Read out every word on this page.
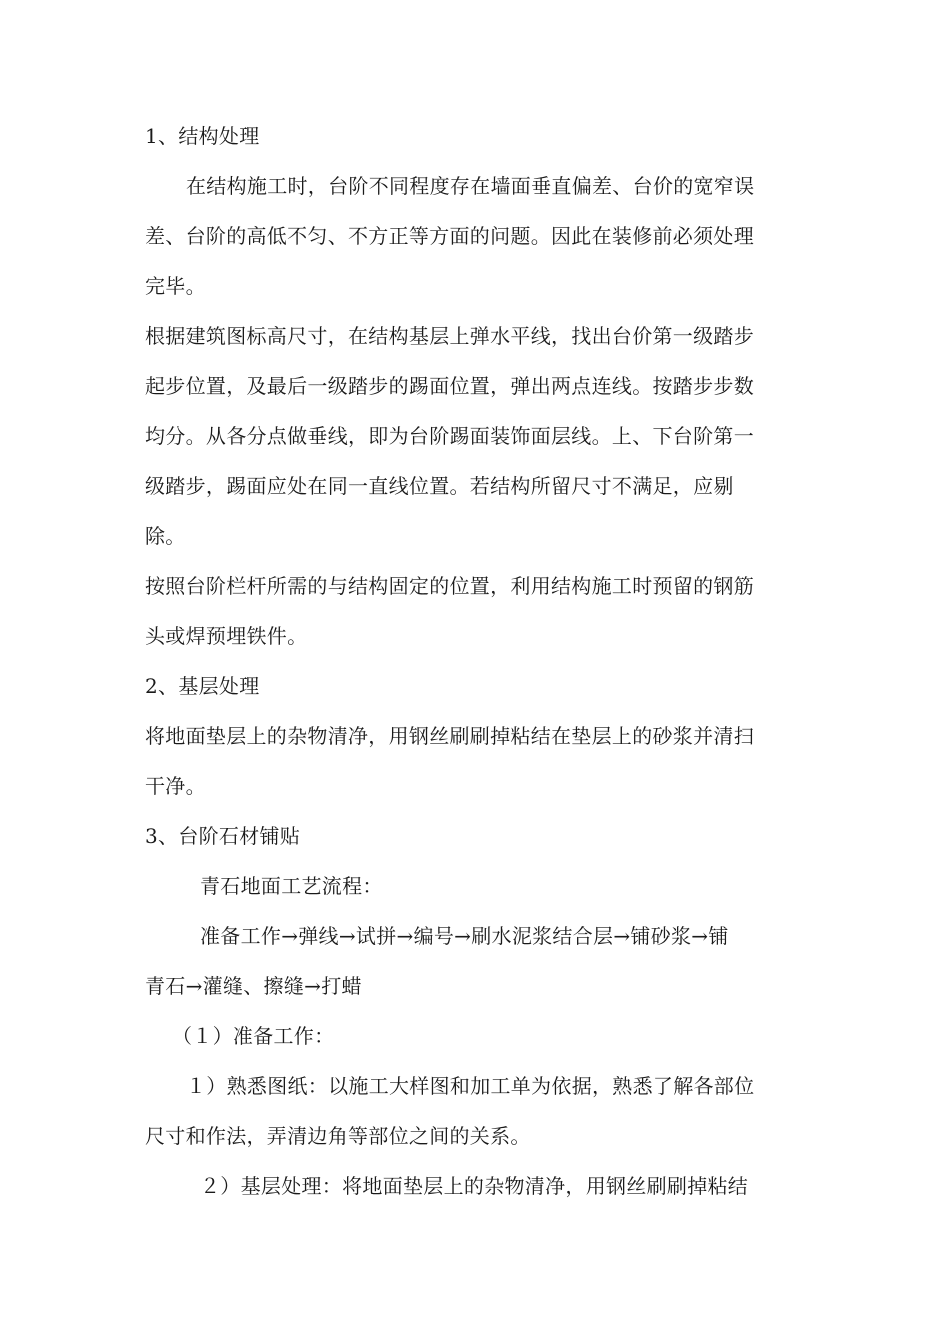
1、结构处理
在结构施工时，台阶不同程度存在墙面垂直偏差、台价的宽窄误
差、台阶的高低不匀、不方正等方面的问题。因此在装修前必须处理
完毕。
根据建筑图标高尺寸，在结构基层上弹水平线，找出台价第一级踏步
起步位置，及最后一级踏步的踢面位置，弹出两点连线。按踏步步数
均分。从各分点做垂线，即为台阶踢面装饰面层线。上、下台阶第一
级踏步，踢面应处在同一直线位置。若结构所留尺寸不满足，应剔
除。
按照台阶栏杆所需的与结构固定的位置，利用结构施工时预留的钢筋
头或焊预埋铁件。
2、基层处理
将地面垫层上的杂物清净，用钢丝刷刷掉粘结在垫层上的砂浆并清扫
干净。
3、台阶石材铺贴
青石地面工艺流程：
准备工作→弹线→试拼→编号→刷水泥浆结合层→铺砂浆→铺
青石→灌缝、擦缝→打蜡
（１）准备工作：
１）熟悉图纸：以施工大样图和加工单为依据，熟悉了解各部位
尺寸和作法，弄清边角等部位之间的关系。
２）基层处理：将地面垫层上的杂物清净，用钢丝刷刷掉粘结
